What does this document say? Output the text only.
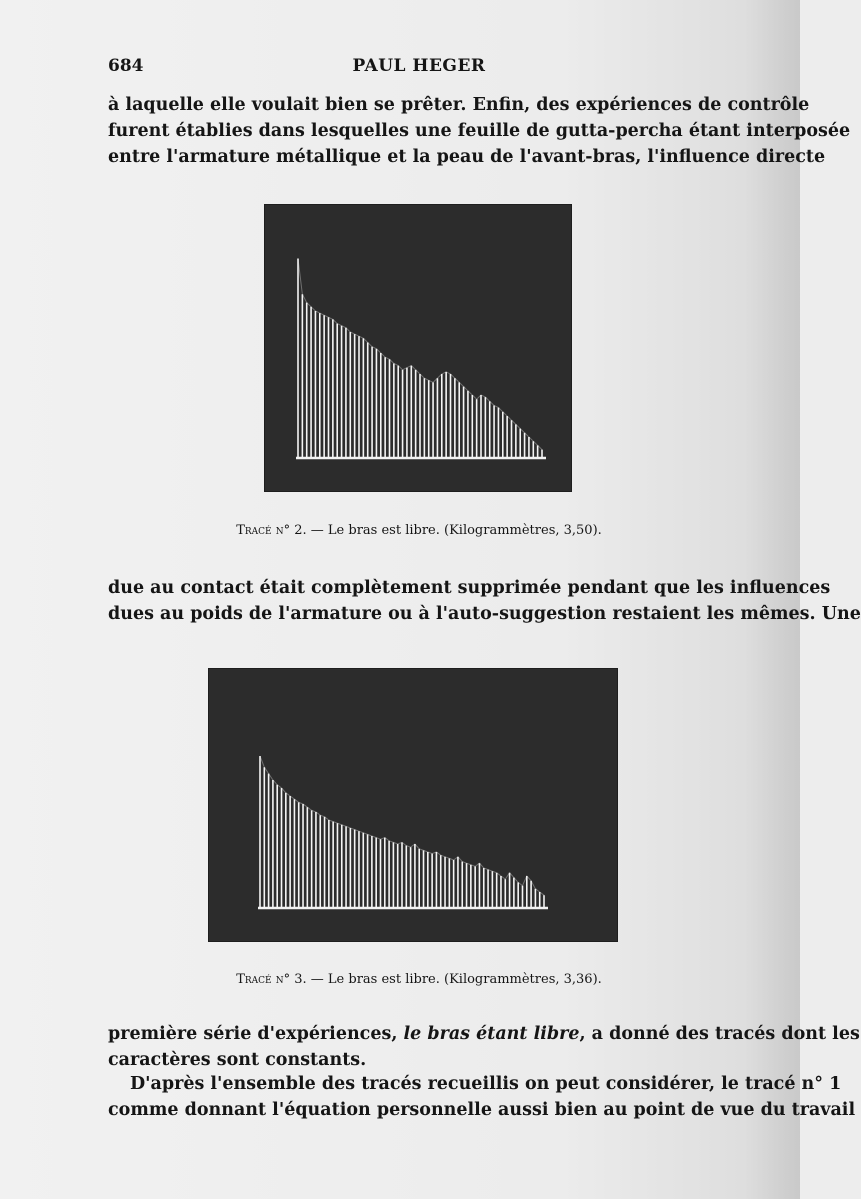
684	PAUL HEGER
à laquelle elle voulait bien se prêter. Enfin, des expériences de contrôle
furent établies dans lesquelles une feuille de gutta-percha étant interposée
entre l'armature métallique et la peau de l'avant-bras, l'influence directe
Tracé n° 2. — Le bras est libre. (Kilogrammètres, 3,50).
due au contact était complètement supprimée pendant que les influences
dues au poids de l'armature ou à l'auto-suggestion restaient les mêmes. Une
Tracé n° 3. — Le bras est libre. (Kilogrammètres, 3,36).
première série d'expériences, le bras étant libre, a donné des tracés dont les
caractères sont constants.
D'après l'ensemble des tracés recueillis on peut considérer, le tracé n° 1
comme donnant l'équation personnelle aussi bien au point de vue du travail
